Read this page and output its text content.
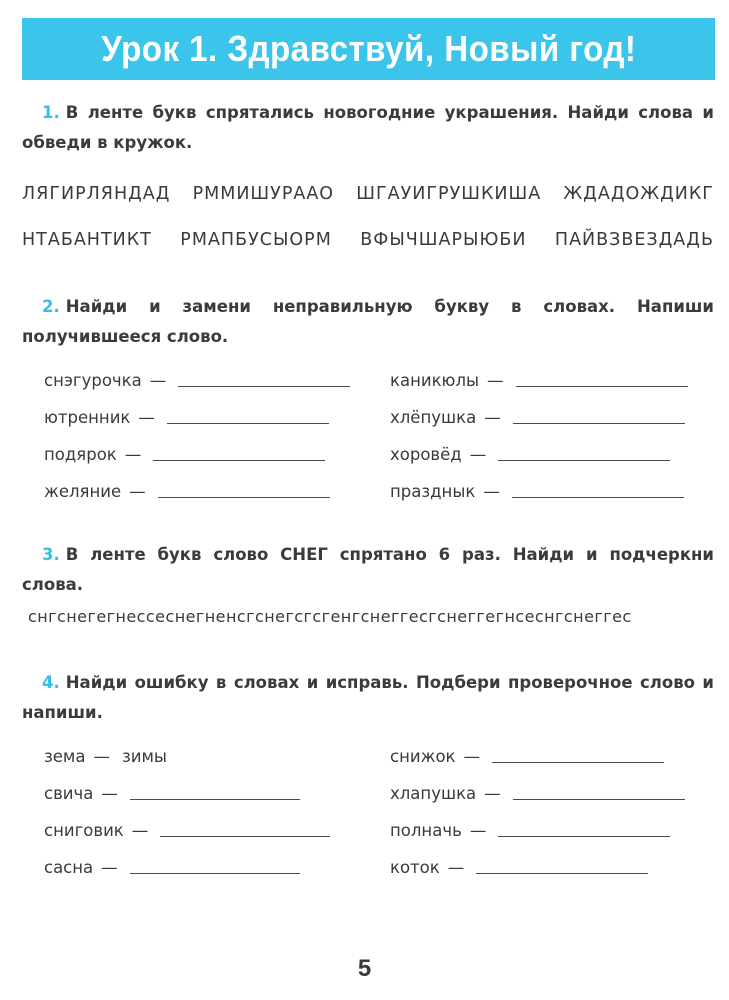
Урок 1. Здравствуй, Новый год!
1. В ленте букв спрятались новогодние украшения. Найди слова и обведи в кружок.
ЛЯГИРЛЯНДАД РММИШУРААО ШГАУИГРУШКИША ЖДАДОЖДИКГ
НТАБАНТИКТ РМАПБУСЫОРМ ВФЫЧШАРЫЮБИ ПАЙВЗВЕЗДАДЬ
2. Найди и замени неправильную букву в словах. Напиши получившееся слово.
снэгурочка —
ютренник —
подярок —
желяние —
каникюлы —
хлёпушка —
хоровёд —
празднык —
3. В ленте букв слово СНЕГ спрятано 6 раз. Найди и подчеркни слова.
снгснегегнессеснегненсгснегсгсгенгснеггесгснеггегнсеснгснеггес
4. Найди ошибку в словах и исправь. Подбери проверочное слово и напиши.
зема — зимы
свича —
сниговик —
сасна —
снижок —
хлапушка —
полначь —
коток —
5
